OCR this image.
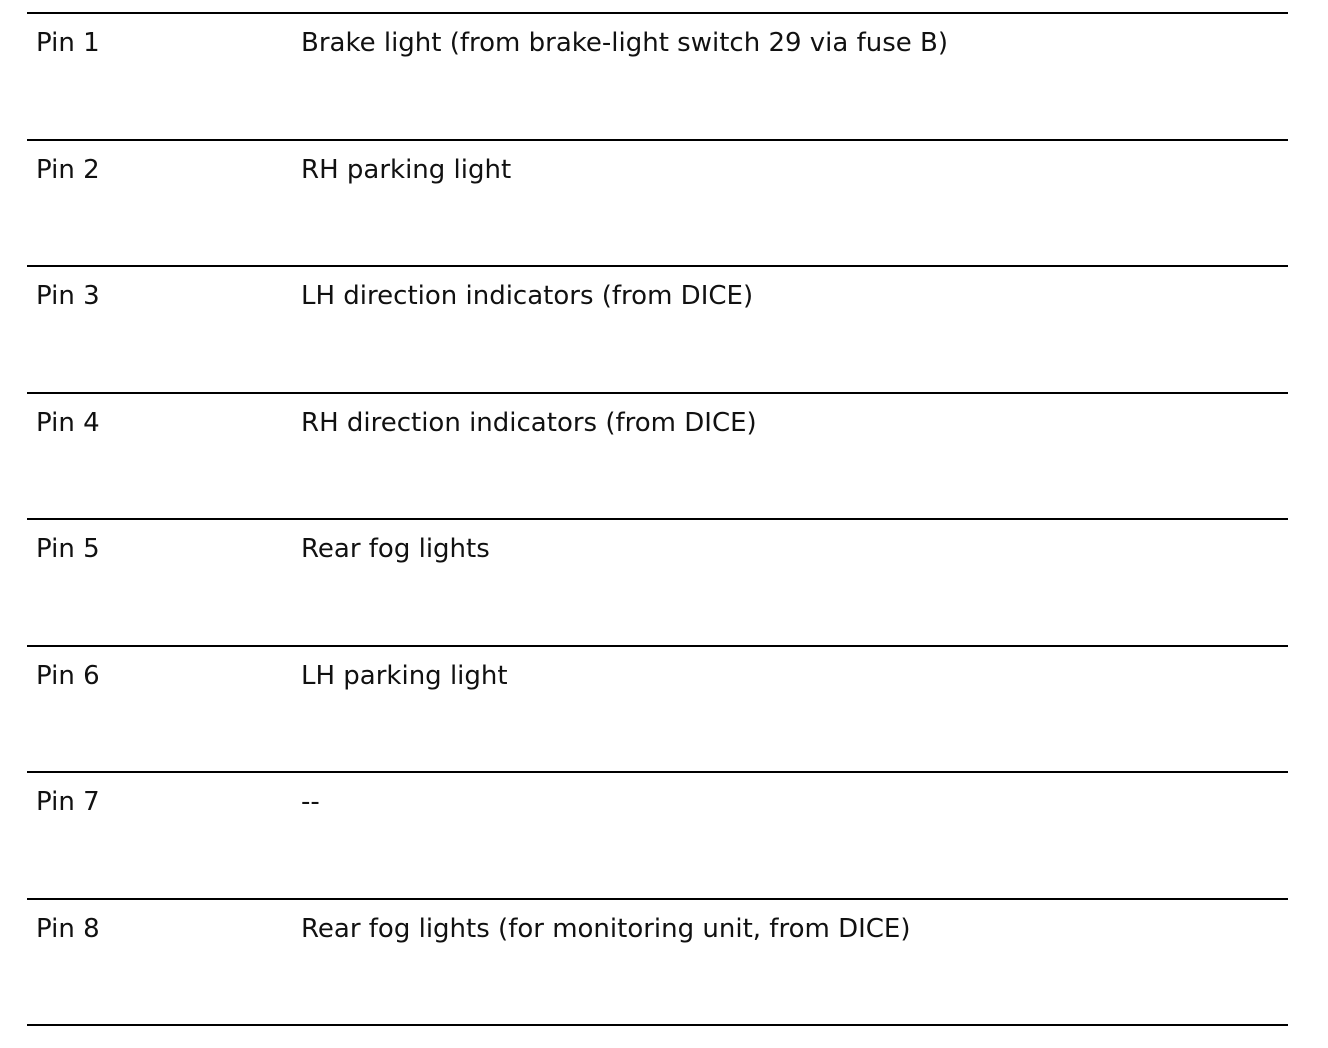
Pin 1	Brake light (from brake-light switch 29 via fuse B)
Pin 2	RH parking light
Pin 3	LH direction indicators (from DICE)
Pin 4	RH direction indicators (from DICE)
Pin 5	Rear fog lights
Pin 6	LH parking light
Pin 7	--
Pin 8	Rear fog lights (for monitoring unit, from DICE)
